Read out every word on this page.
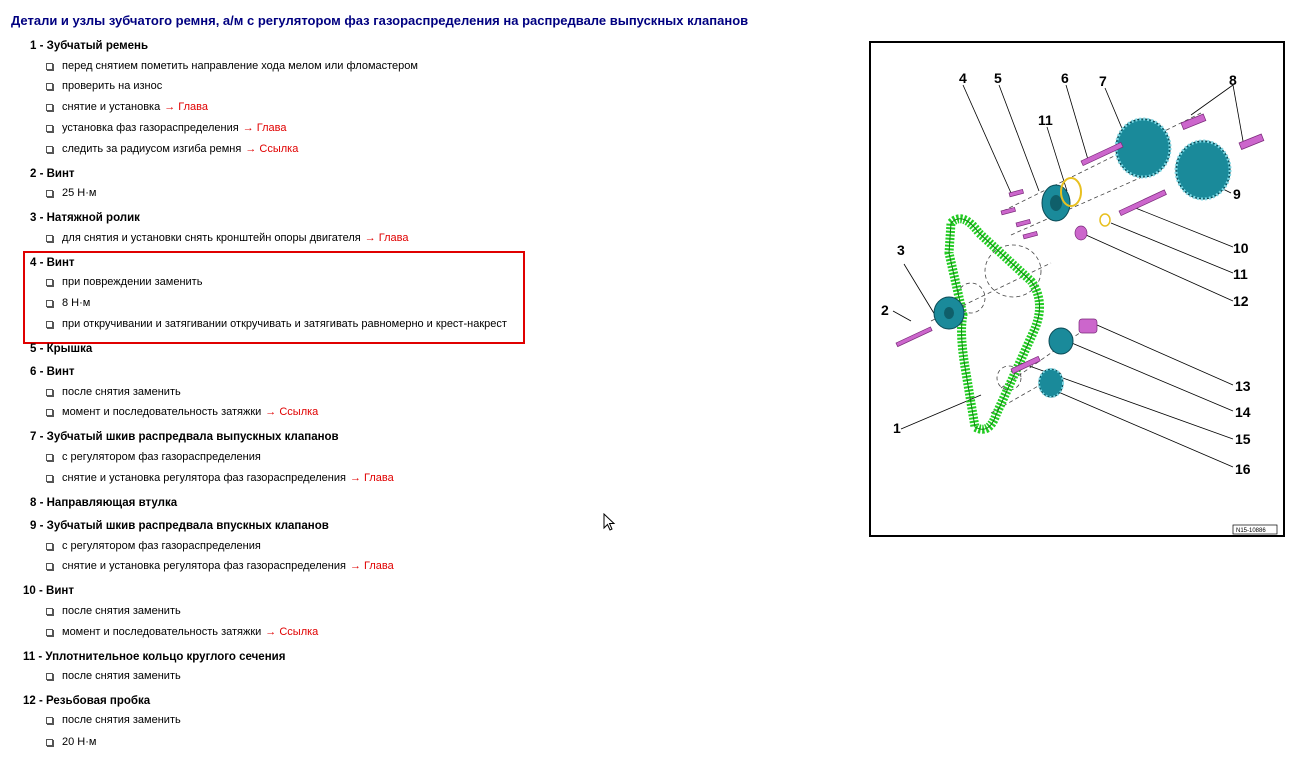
Детали и узлы зубчатого ремня, а/м с регулятором фаз газораспределения на распредвале выпускных клапанов
1 - Зубчатый ремень
перед снятием пометить направление хода мелом или фломастером
проверить на износ
снятие и установка → Глава
установка фаз газораспределения → Глава
следить за радиусом изгиба ремня → Ссылка
2 - Винт
25 Н·м
3 - Натяжной ролик
для снятия и установки снять кронштейн опоры двигателя → Глава
4 - Винт
при повреждении заменить
8 Н·м
при откручивании и затягивании откручивать и затягивать равномерно и крест-накрест
5 - Крышка
6 - Винт
после снятия заменить
момент и последовательность затяжки → Ссылка
7 - Зубчатый шкив распредвала выпускных клапанов
с регулятором фаз газораспределения
снятие и установка регулятора фаз газораспределения → Глава
8 - Направляющая втулка
9 - Зубчатый шкив распредвала впускных клапанов
с регулятором фаз газораспределения
снятие и установка регулятора фаз газораспределения → Глава
10 - Винт
после снятия заменить
момент и последовательность затяжки → Ссылка
11 - Уплотнительное кольцо круглого сечения
после снятия заменить
12 - Резьбовая пробка
после снятия заменить
20 Н·м
4 5	6 7	8
11
9
10
11
12
3
2
1
13
14
15
16
N15-10886
